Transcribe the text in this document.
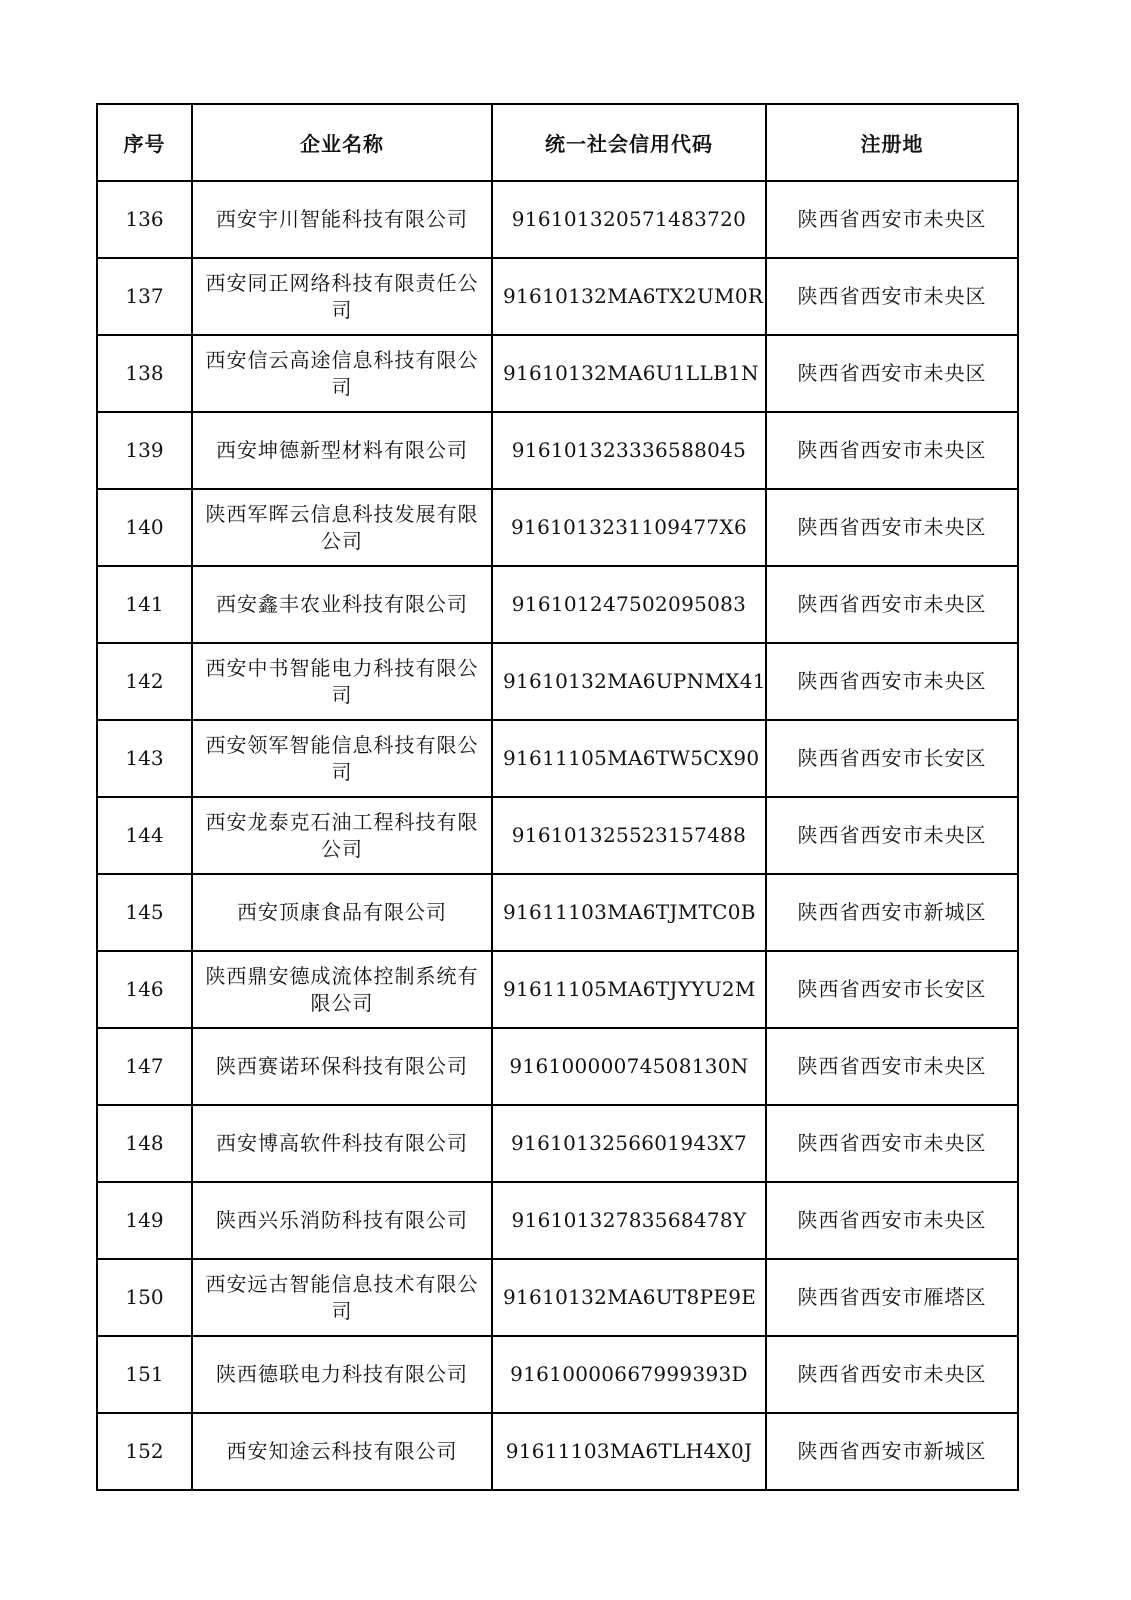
序号	企业名称	统一社会信用代码	注册地
136	西安宇川智能科技有限公司	916101320571483720	陕西省西安市未央区
137	西安同正网络科技有限责任公司	91610132MA6TX2UM0R	陕西省西安市未央区
138	西安信云高途信息科技有限公司	91610132MA6U1LLB1N	陕西省西安市未央区
139	西安坤德新型材料有限公司	916101323336588045	陕西省西安市未央区
140	陕西军晖云信息科技发展有限公司	9161013231109477X6	陕西省西安市未央区
141	西安鑫丰农业科技有限公司	916101247502095083	陕西省西安市未央区
142	西安中书智能电力科技有限公司	91610132MA6UPNMX41	陕西省西安市未央区
143	西安领军智能信息科技有限公司	91611105MA6TW5CX90	陕西省西安市长安区
144	西安龙泰克石油工程科技有限公司	916101325523157488	陕西省西安市未央区
145	西安顶康食品有限公司	91611103MA6TJMTC0B	陕西省西安市新城区
146	陕西鼎安德成流体控制系统有限公司	91611105MA6TJYYU2M	陕西省西安市长安区
147	陕西赛诺环保科技有限公司	91610000074508130N	陕西省西安市未央区
148	西安博高软件科技有限公司	9161013256601943X7	陕西省西安市未央区
149	陕西兴乐消防科技有限公司	91610132783568478Y	陕西省西安市未央区
150	西安远古智能信息技术有限公司	91610132MA6UT8PE9E	陕西省西安市雁塔区
151	陕西德联电力科技有限公司	91610000667999393D	陕西省西安市未央区
152	西安知途云科技有限公司	91611103MA6TLH4X0J	陕西省西安市新城区
